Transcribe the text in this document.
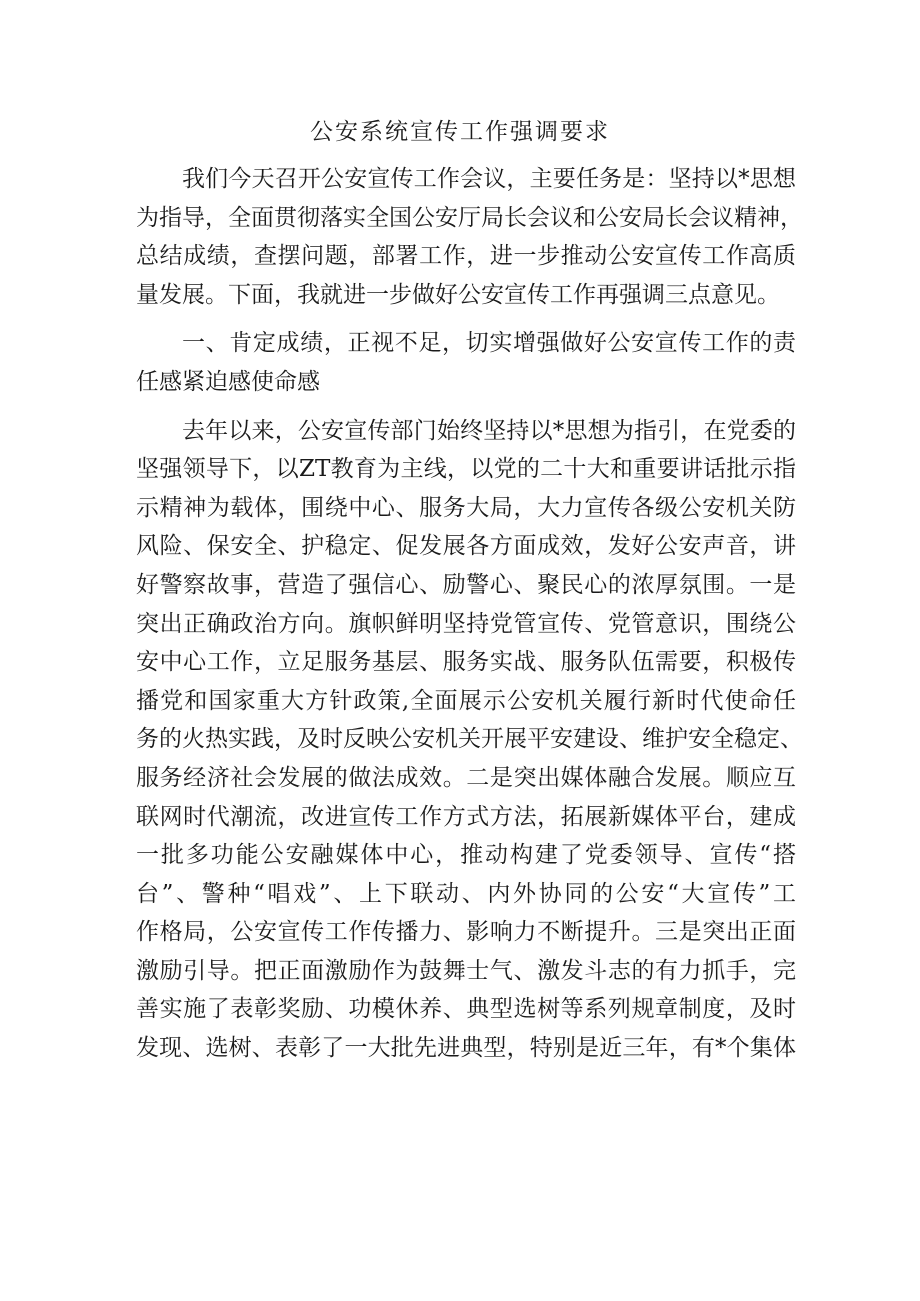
公安系统宣传工作强调要求
我们今天召开公安宣传工作会议，主要任务是：坚持以*思想
为指导，全面贯彻落实全国公安厅局长会议和公安局长会议精神，
总结成绩，查摆问题，部署工作，进一步推动公安宣传工作高质
量发展。下面，我就进一步做好公安宣传工作再强调三点意见。
一、肯定成绩，正视不足，切实增强做好公安宣传工作的责
任感紧迫感使命感
去年以来，公安宣传部门始终坚持以*思想为指引，在党委的
坚强领导下，以ZT教育为主线，以党的二十大和重要讲话批示指
示精神为载体，围绕中心、服务大局，大力宣传各级公安机关防
风险、保安全、护稳定、促发展各方面成效，发好公安声音，讲
好警察故事，营造了强信心、励警心、聚民心的浓厚氛围。一是
突出正确政治方向。旗帜鲜明坚持党管宣传、党管意识，围绕公
安中心工作，立足服务基层、服务实战、服务队伍需要，积极传
播党和国家重大方针政策,全面展示公安机关履行新时代使命任
务的火热实践，及时反映公安机关开展平安建设、维护安全稳定、
服务经济社会发展的做法成效。二是突出媒体融合发展。顺应互
联网时代潮流，改进宣传工作方式方法，拓展新媒体平台，建成
一批多功能公安融媒体中心，推动构建了党委领导、宣传“搭
台”、警种“唱戏”、上下联动、内外协同的公安“大宣传”工
作格局，公安宣传工作传播力、影响力不断提升。三是突出正面
激励引导。把正面激励作为鼓舞士气、激发斗志的有力抓手，完
善实施了表彰奖励、功模休养、典型选树等系列规章制度，及时
发现、选树、表彰了一大批先进典型，特别是近三年，有*个集体
